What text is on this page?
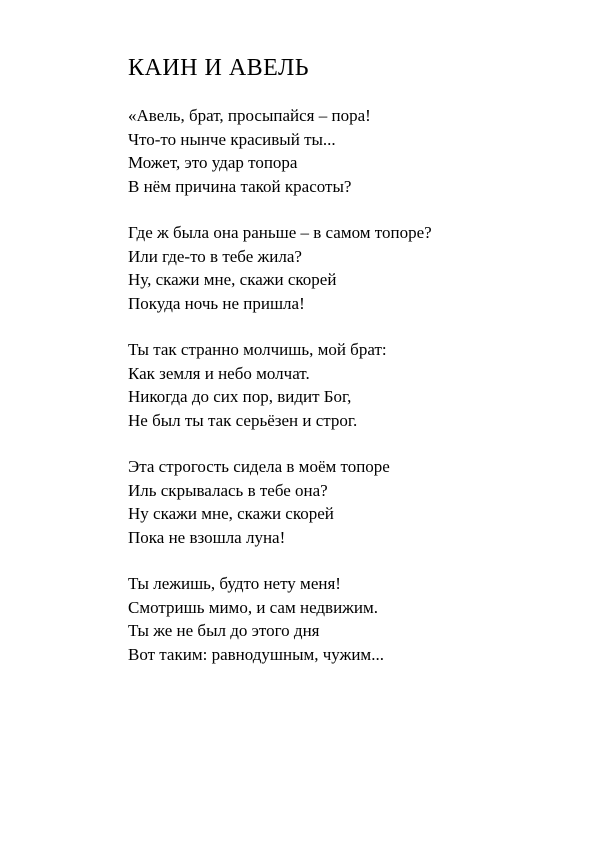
КАИН И АВЕЛЬ
«Авель, брат, просыпайся – пора!
Что-то нынче красивый ты...
Может, это удар топора
В нём причина такой красоты?
Где ж была она раньше – в самом топоре?
Или где-то в тебе жила?
Ну, скажи мне, скажи скорей
Покуда ночь не пришла!
Ты так странно молчишь, мой брат:
Как земля и небо молчат.
Никогда до сих пор, видит Бог,
Не был ты так серьёзен и строг.
Эта строгость сидела в моём топоре
Иль скрывалась в тебе она?
Ну скажи мне, скажи скорей
Пока не взошла луна!
Ты лежишь, будто нету меня!
Смотришь мимо, и сам недвижим.
Ты же не был до этого дня
Вот таким: равнодушным, чужим...
